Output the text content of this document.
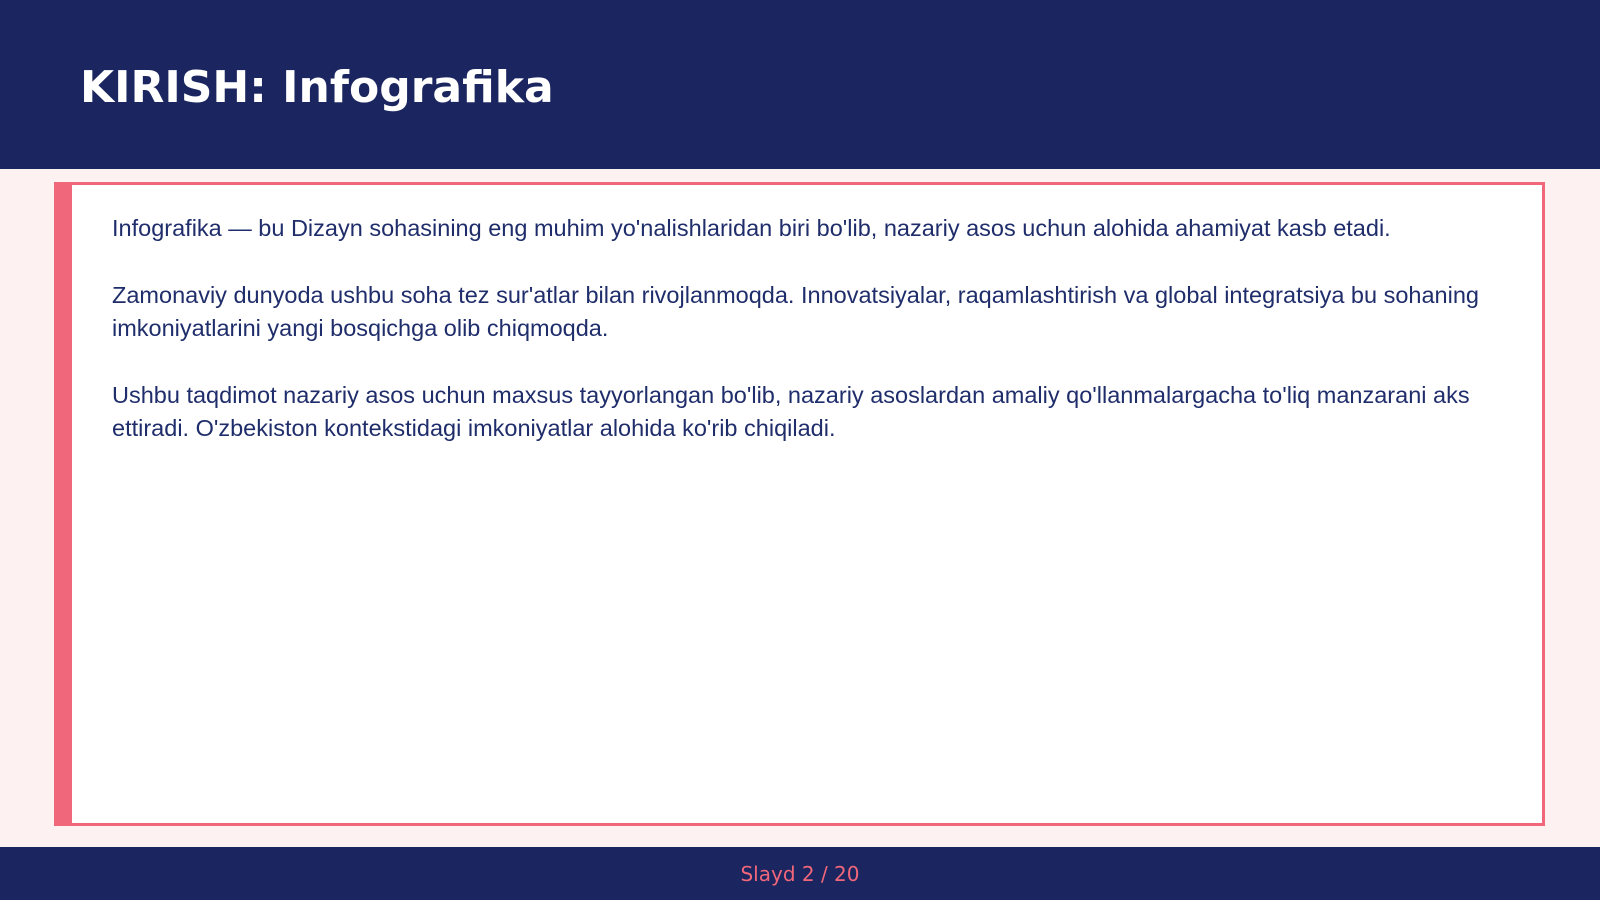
KIRISH: Infografika

Infografika — bu Dizayn sohasining eng muhim yo'nalishlaridan biri bo'lib, nazariy asos uchun alohida ahamiyat kasb etadi.

Zamonaviy dunyoda ushbu soha tez sur'atlar bilan rivojlanmoqda. Innovatsiyalar, raqamlashtirish va global integratsiya bu sohaning imkoniyatlarini yangi bosqichga olib chiqmoqda.

Ushbu taqdimot nazariy asos uchun maxsus tayyorlangan bo'lib, nazariy asoslardan amaliy qo'llanmalargacha to'liq manzarani aks ettiradi. O'zbekiston kontekstidagi imkoniyatlar alohida ko'rib chiqiladi.

Slayd 2 / 20
